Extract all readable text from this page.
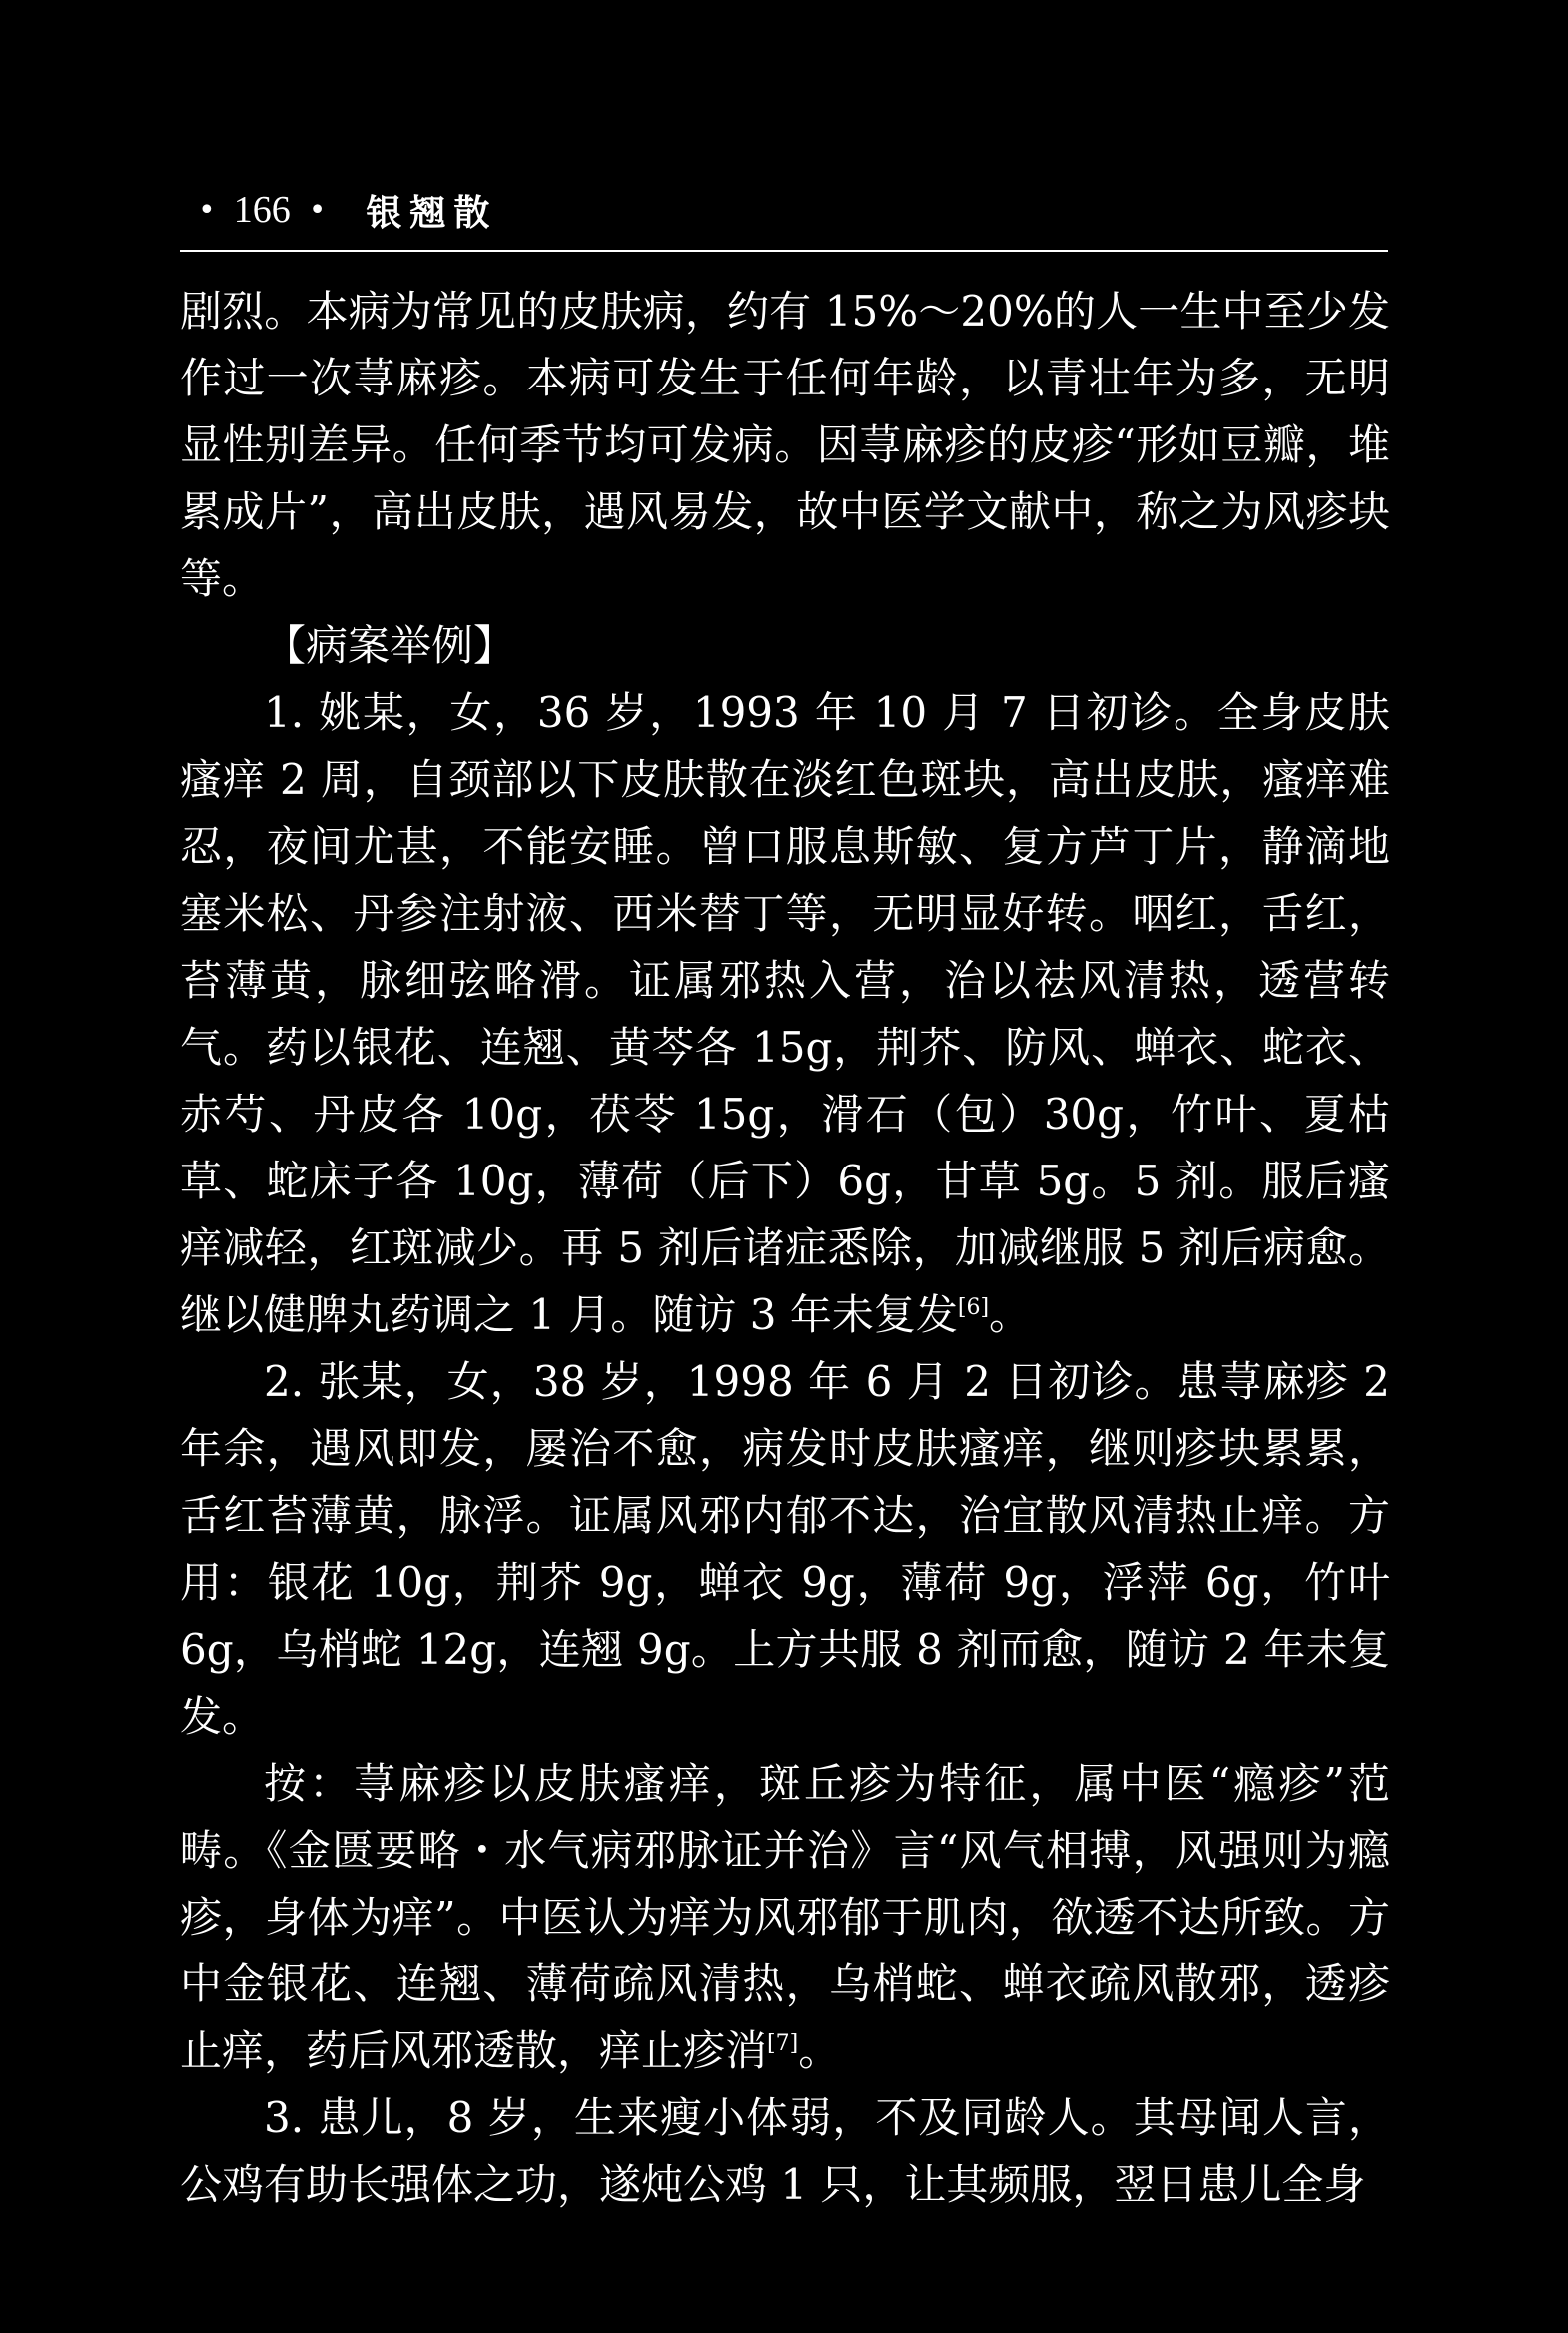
• 166 • 银翘散

剧烈。本病为常见的皮肤病，约有 15%～20%的人一生中至少发作过一次荨麻疹。本病可发生于任何年龄，以青壮年为多，无明显性别差异。任何季节均可发病。因荨麻疹的皮疹“形如豆瓣，堆累成片”，高出皮肤，遇风易发，故中医学文献中，称之为风疹块等。

【病案举例】

1. 姚某，女，36 岁，1993 年 10 月 7 日初诊。全身皮肤瘙痒 2 周，自颈部以下皮肤散在淡红色斑块，高出皮肤，瘙痒难忍，夜间尤甚，不能安睡。曾口服息斯敏、复方芦丁片，静滴地塞米松、丹参注射液、西米替丁等，无明显好转。咽红，舌红，苔薄黄，脉细弦略滑。证属邪热入营，治以祛风清热，透营转气。药以银花、连翘、黄芩各 15g，荆芥、防风、蝉衣、蛇衣、赤芍、丹皮各 10g，茯苓 15g，滑石（包）30g，竹叶、夏枯草、蛇床子各 10g，薄荷（后下）6g，甘草 5g。5 剂。服后瘙痒减轻，红斑减少。再 5 剂后诸症悉除，加减继服 5 剂后病愈。继以健脾丸药调之 1 月。随访 3 年未复发[6]。

2. 张某，女，38 岁，1998 年 6 月 2 日初诊。患荨麻疹 2 年余，遇风即发，屡治不愈，病发时皮肤瘙痒，继则疹块累累，舌红苔薄黄，脉浮。证属风邪内郁不达，治宜散风清热止痒。方用：银花 10g，荆芥 9g，蝉衣 9g，薄荷 9g，浮萍 6g，竹叶 6g，乌梢蛇 12g，连翘 9g。上方共服 8 剂而愈，随访 2 年未复发。

按：荨麻疹以皮肤瘙痒，斑丘疹为特征，属中医“瘾疹”范畴。《金匮要略・水气病邪脉证并治》言“风气相搏，风强则为瘾疹，身体为痒”。中医认为痒为风邪郁于肌肉，欲透不达所致。方中金银花、连翘、薄荷疏风清热，乌梢蛇、蝉衣疏风散邪，透疹止痒，药后风邪透散，痒止疹消[7]。

3. 患儿，8 岁，生来瘦小体弱，不及同龄人。其母闻人言，公鸡有助长强体之功，遂炖公鸡 1 只，让其频服，翌日患儿全身
